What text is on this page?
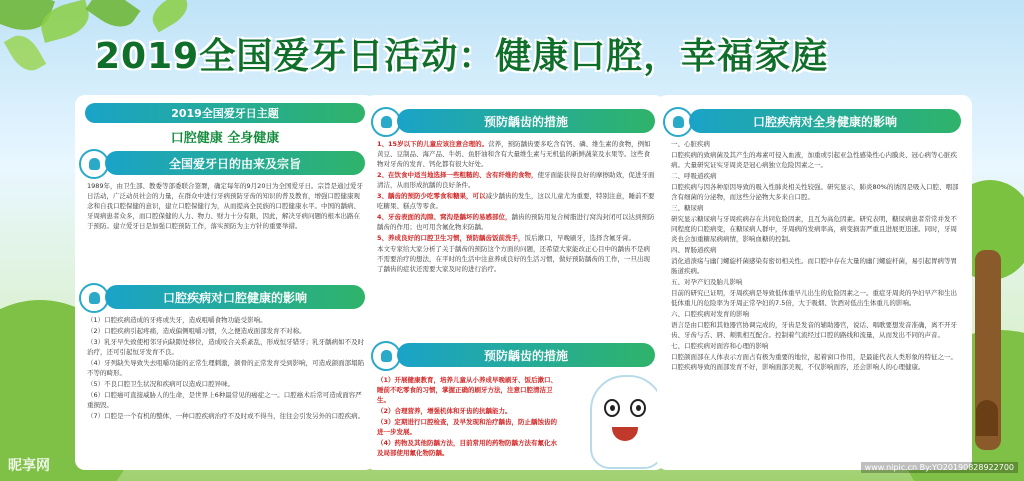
2019全国爱牙日活动：健康口腔，幸福家庭
2019全国爱牙日主题
口腔健康 全身健康
全国爱牙日的由来及宗旨
1989年，由卫生部、教委等部委联合签署，确定每年的9月20日为全国爱牙日。宗旨是通过爱牙日活动，广泛动员社会的力量，在群众中进行牙病预防牙齿的知识的普及教育，增强口腔健康观念和自我口腔保健的意识，建立口腔保健行为，从而提高全民族的口腔健康水平。中国的龋病、牙周病患者众多，而口腔保健的人力、物力、财力十分有限，因此，解决牙病问题的根本出路在于预防。建立爱牙日是加强口腔预防工作，落实预防为主方针的重要举措。
口腔疾病对口腔健康的影响

（1）口腔疾病造成的牙疼或失牙，造成咀嚼食物功能受影响。

（2）口腔疾病引起疼痛，造成偏侧咀嚼习惯，久之便造成面部发育不对称。

（3）乳牙早失致使相邻牙向缺隙处移位，造成咬合关系紊乱，形成恒牙错牙；乳牙龋病如不及时治疗，还可引起恒牙发育不良。

（4）牙列缺失导致失去咀嚼功能的正常生理刺激，颌骨的正常发育受到影响，可造成颌面部塌陷不等的畸形。

（5）不良口腔卫生状况和疾病可以造成口腔异味。

（6）口腔癌可直接威胁人的生命，是世界上6种最常见的癌症之一。口腔癌术后常可造成面容严重损毁。

（7）口腔是一个有机的整体，一种口腔疾病治疗不及时或不得当，往往会引发另外的口腔疾病。

预防龋齿的措施

1、15岁以下的儿童应该注意合理的。营养，预防龋齿要多吃含有钙、磷、维生素的食物，例如黄豆、豆制品、海产品、牛奶、鱼肝油和含有大量维生素与无机盐的新鲜蔬菜及水果等。这些食物对牙齿的发育、钙化都有很大好处。

2、在饮食中适当地选择一些粗糙的、含有纤维的食物，使牙面能获得良好的摩擦助效，促进牙面清洁，从而形成抗龋的良好条件。

3、龋齿的预防少吃零食和糖果，可以减少龋齿的发生，这以儿童尤为重要，特别注意，睡前不要吃糖果、糕点等零食。

4、牙齿表面的沟隙、窝沟是龋坏的易感部位，龋齿的预防用复合树脂进行窝沟封闭可以达到预防龋齿的作用；也可用含氟化物来防龋。

5、养成良好的口腔卫生习惯，预防龋齿饭前洗手，饭后漱口，早晚刷牙，选择含氟牙膏。

本文专家给大家分析了关于龋齿的预防这个方面的问题，还希望大家能改正心目中的龋齿不是病不需要治疗的想法，在平时的生活中注意养成良好的生活习惯，做好预防龋齿的工作，一旦出现了龋齿的症状还需要大家及时的进行治疗。

预防龋齿的措施

（1）开展健康教育，培养儿童从小养成早晚刷牙、饭后漱口、睡前不吃零食的习惯，掌握正确的刷牙方法，注意口腔清洁卫生。

（2）合理营养，增强机体和牙齿的抗龋能力。

（3）定期进行口腔检查，及早发现和治疗龋齿，防止龋蚀齿的进一步发展。

（4）药物及其他防龋方法，目前常用的药物防龋方法有氟化水及局部使用氟化物防龋。

口腔疾病对全身健康的影响

一、心脏疾病

口腔疾病的致病菌及其产生的毒素可侵入血液，加重或引起亚急性感染性心内膜炎、冠心病等心脏疾病。大量研究证实牙周炎是冠心病独立危险因素之一。

二、呼吸道疾病

口腔疾病与因各种原因导致的吸入性肺炎相关性较强。研究显示，肺炎80%的诱因是吸入口腔、咽部含有细菌的分泌物，而这些分泌物大多来自口腔。

三、糖尿病

研究显示糖尿病与牙周疾病存在共同危险因素，且互为高危因素。研究表明，糖尿病患者常常并发不同程度的口腔病变，在糖尿病人群中，牙周病的发病率高，病变损害严重且进展更迅速。同时，牙周炎也会加重糖尿病病情，影响血糖的控制。

四、胃肠道疾病

消化道溃疡与幽门螺旋杆菌感染有密切相关性。而口腔中存在大量的幽门螺旋杆菌，易引起胃病等胃肠道疾病。

五、对孕产妇及胎儿影响

目前的研究已证明，牙周疾病是导致低体重早儿出生的危险因素之一。重症牙周炎的孕妇早产和生出低体重儿的危险率为牙周正常孕妇的7.5倍，大于吸烟、饮酒对低出生体重儿的影响。

六、口腔疾病对发育的影响

语言是由口腔和其他器官协调完成的，牙齿是发音的辅助器官，说话、唱歌要想发音准确，离不开牙齿、牙齿与舌、唇、颊肌相互配合。控制着气流经过口腔的路线和流量，从而发出不同的声音。

七、口腔疾病对面容和心理的影响

口腔颌面部在人体表示方面占有极为重要的地位，起着窗口作用，是最能代表人类形象的特征之一。口腔疾病导致的面部发育不好，影响面部美观，不仅影响面容，还会影响人的心理健康。

昵享网	www.nipic.cn By:YO20190828922700
